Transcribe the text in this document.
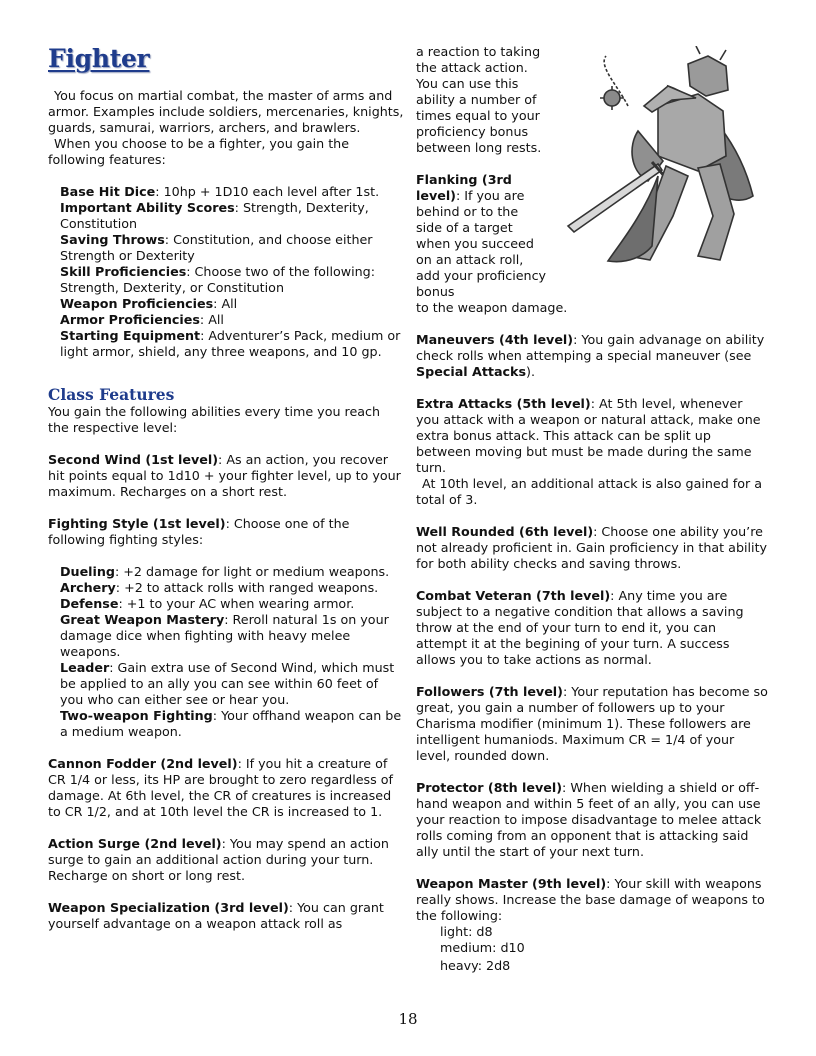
Fighter

You focus on martial combat, the master of arms and armor. Examples include soldiers, mercenaries, knights, guards, samurai, warriors, archers, and brawlers.

When you choose to be a fighter, you gain the following features:

Base Hit Dice: 10hp + 1D10 each level after 1st.

Important Ability Scores: Strength, Dexterity, Constitution

Saving Throws: Constitution, and choose either Strength or Dexterity

Skill Proficiencies: Choose two of the following: Strength, Dexterity, or Constitution

Weapon Proficiencies: All

Armor Proficiencies: All

Starting Equipment: Adventurer’s Pack, medium or light armor, shield, any three weapons, and 10 gp.

Class Features

You gain the following abilities every time you reach the respective level:

Second Wind (1st level): As an action, you recover hit points equal to 1d10 + your fighter level, up to your maximum. Recharges on a short rest.

Fighting Style (1st level): Choose one of the following fighting styles:

Dueling: +2 damage for light or medium weapons.

Archery: +2 to attack rolls with ranged weapons.

Defense: +1 to your AC when wearing armor.

Great Weapon Mastery: Reroll natural 1s on your damage dice when fighting with heavy melee weapons.

Leader: Gain extra use of Second Wind, which must be applied to an ally you can see within 60 feet of you who can either see or hear you.

Two-weapon Fighting: Your offhand weapon can be a medium weapon.

Cannon Fodder (2nd level): If you hit a creature of CR 1/4 or less, its HP are brought to zero regardless of damage. At 6th level, the CR of creatures is increased to CR 1/2, and at 10th level the CR is increased to 1.

Action Surge (2nd level): You may spend an action surge to gain an additional action during your turn. Recharge on short or long rest.

Weapon Specialization (3rd level): You can grant yourself advantage on a weapon attack roll as

a reaction to taking the attack action. You can use this ability a number of times equal to your proficiency bonus between long rests.

Flanking (3rd level): If you are behind or to the side of a target when you succeed on an attack roll, add your proficiency bonus
to the weapon damage.

Maneuvers (4th level): You gain advanage on ability check rolls when attemping a special maneuver (see Special Attacks).

Extra Attacks (5th level): At 5th level, whenever you attack with a weapon or natural attack, make one extra bonus attack. This attack can be split up between moving but must be made during the same turn.

At 10th level, an additional attack is also gained for a total of 3.

Well Rounded (6th level): Choose one ability you’re not already proficient in. Gain proficiency in that ability for both ability checks and saving throws.

Combat Veteran (7th level): Any time you are subject to a negative condition that allows a saving throw at the end of your turn to end it, you can attempt it at the begining of your turn. A success allows you to take actions as normal.

Followers (7th level): Your reputation has become so great, you gain a number of followers up to your Charisma modifier (minimum 1). These followers are intelligent humaniods. Maximum CR = 1/4 of your level, rounded down.

Protector (8th level): When wielding a shield or off-hand weapon and within 5 feet of an ally, you can use your reaction to impose disadvantage to melee attack rolls coming from an opponent that is attacking said ally until the start of your next turn.

Weapon Master (9th level): Your skill with weapons really shows. Increase the base damage of weapons to the following:

light: d8

medium: d10

heavy: 2d8

18
